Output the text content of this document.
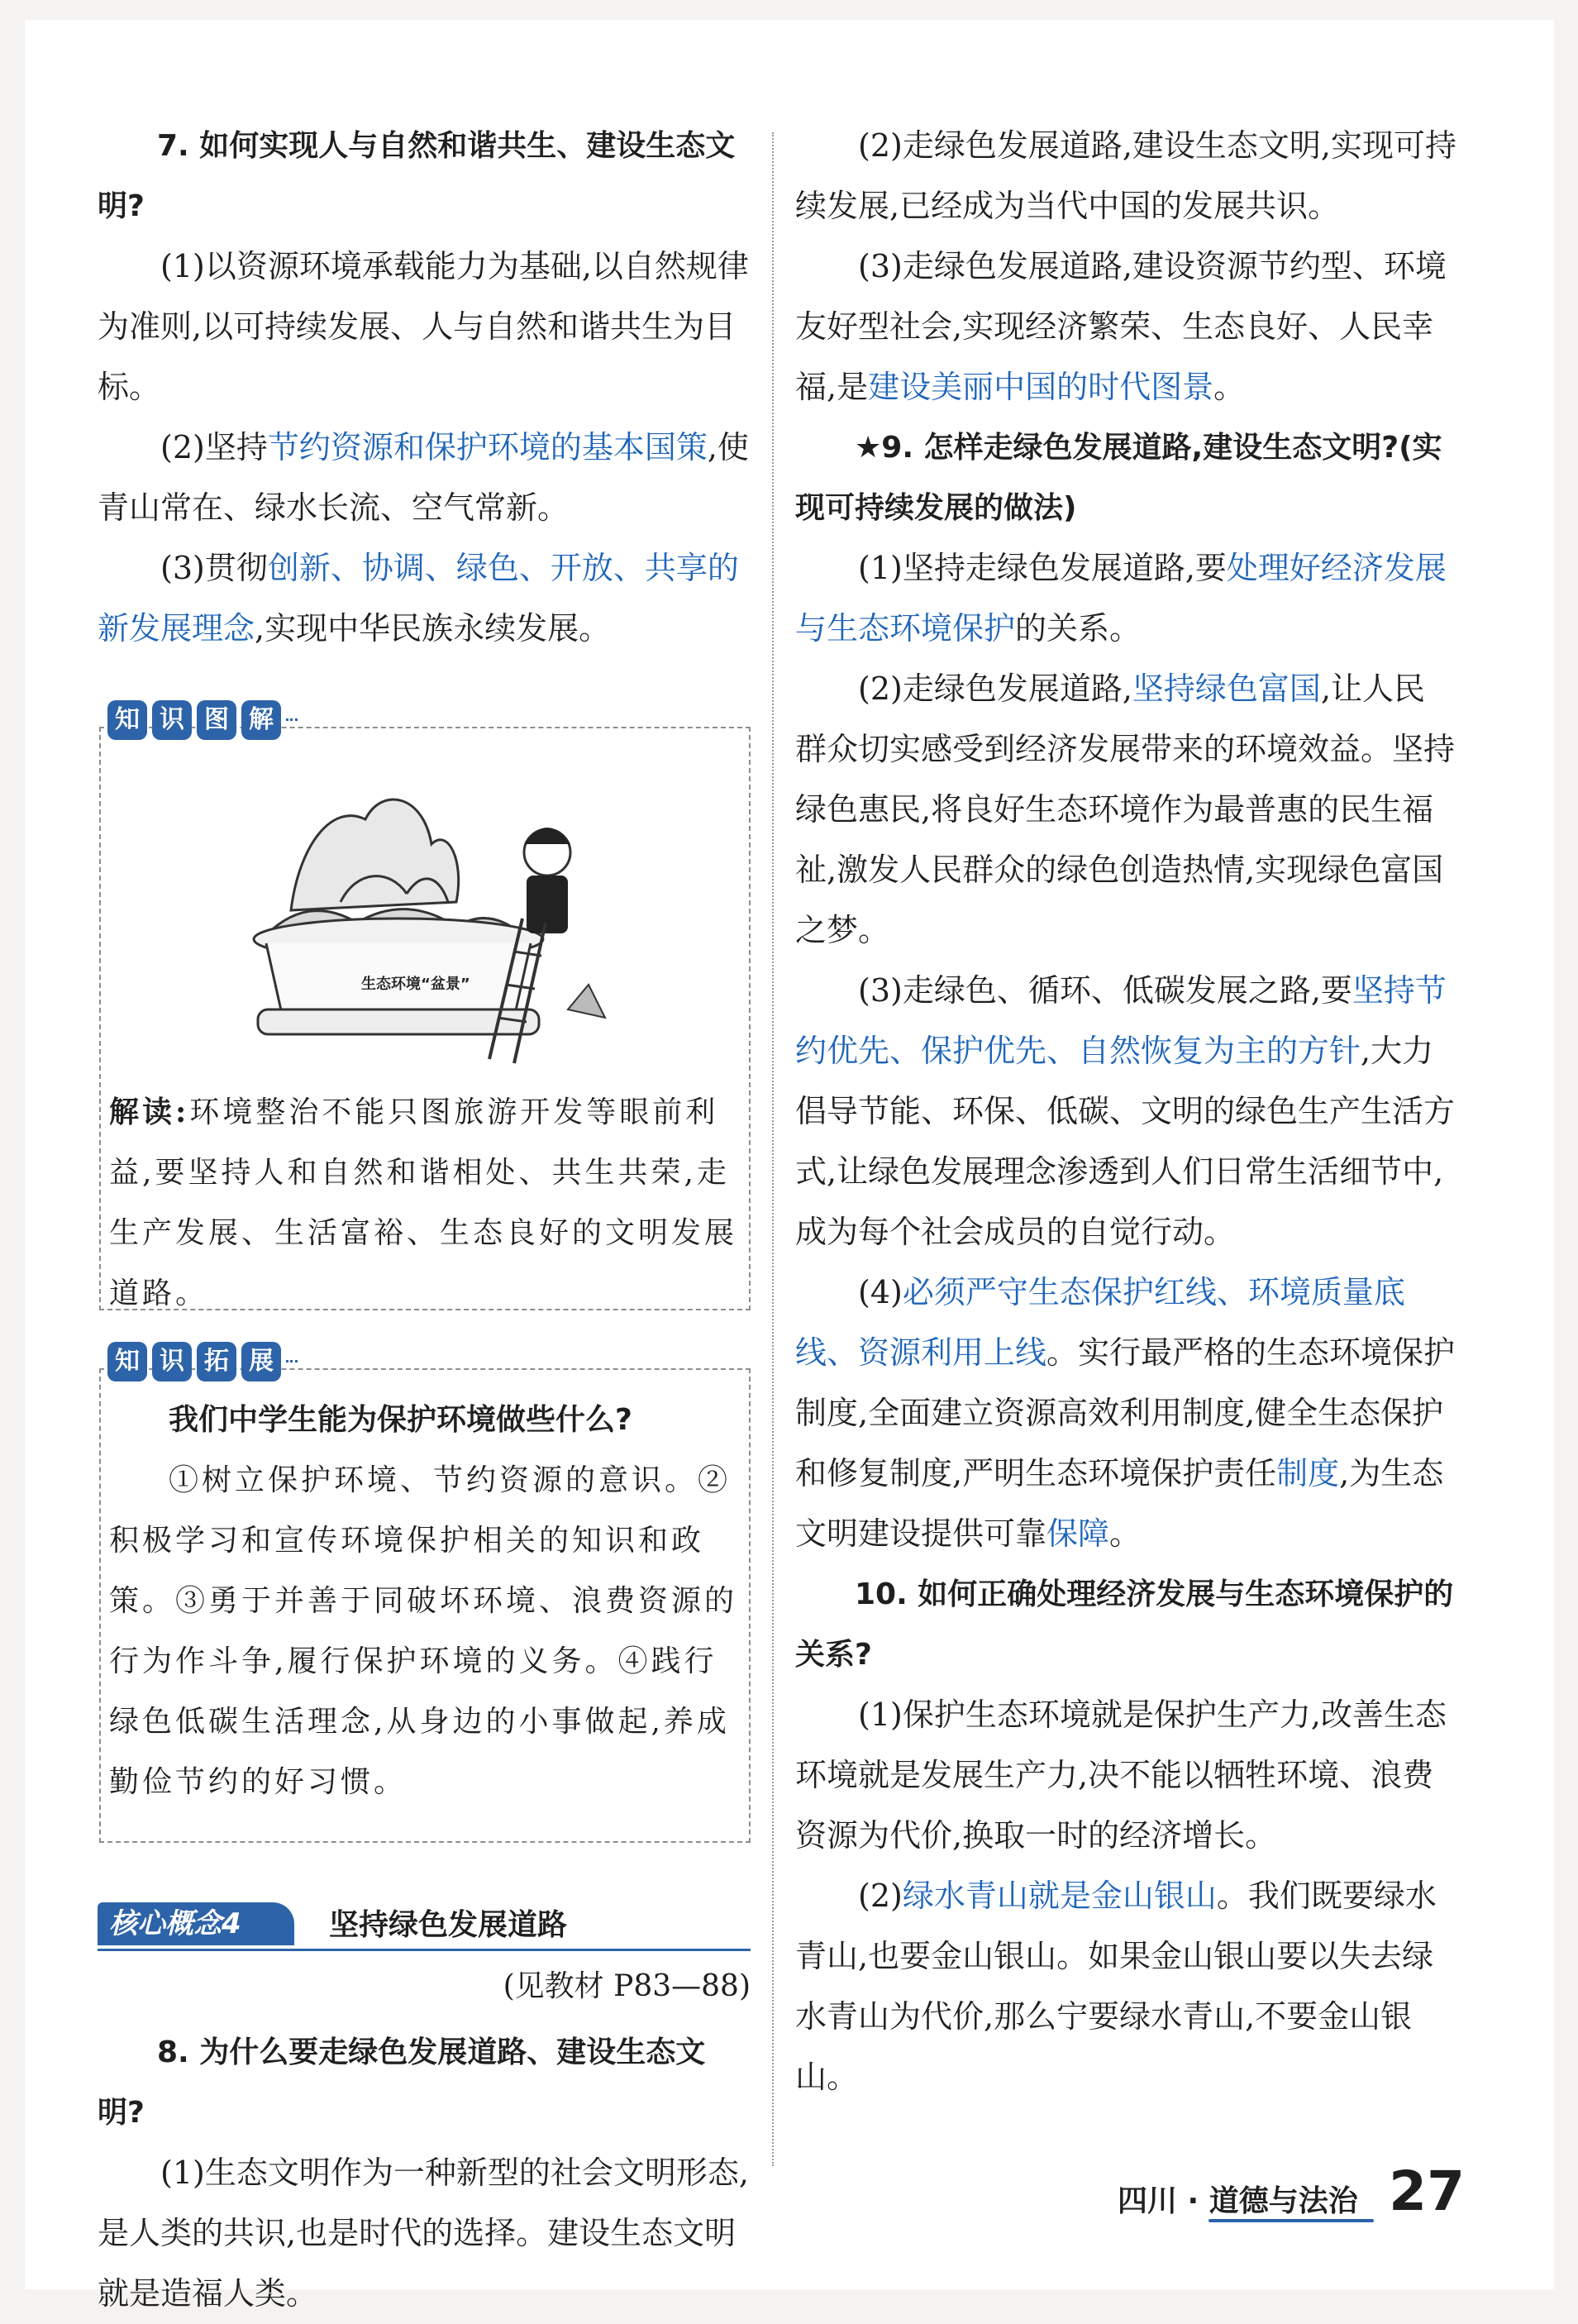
7. 如何实现人与自然和谐共生、建设生态文明?

(1)以资源环境承载能力为基础,以自然规律为准则,以可持续发展、人与自然和谐共生为目标。

(2)坚持节约资源和保护环境的基本国策,使青山常在、绿水长流、空气常新。

(3)贯彻创新、协调、绿色、开放、共享的新发展理念,实现中华民族永续发展。

知 识 图 解
生态环境“盆景”

解读:环境整治不能只图旅游开发等眼前利益,要坚持人和自然和谐相处、共生共荣,走生产发展、生活富裕、生态良好的文明发展道路。

知 识 拓 展

我们中学生能为保护环境做些什么?

①树立保护环境、节约资源的意识。②积极学习和宣传环境保护相关的知识和政策。③勇于并善于同破坏环境、浪费资源的行为作斗争,履行保护环境的义务。④践行绿色低碳生活理念,从身边的小事做起,养成勤俭节约的好习惯。

核心概念4	坚持绿色发展道路

(见教材 P83—88)

8. 为什么要走绿色发展道路、建设生态文明?

(1)生态文明作为一种新型的社会文明形态,是人类的共识,也是时代的选择。建设生态文明就是造福人类。

(2)走绿色发展道路,建设生态文明,实现可持续发展,已经成为当代中国的发展共识。

(3)走绿色发展道路,建设资源节约型、环境友好型社会,实现经济繁荣、生态良好、人民幸福,是建设美丽中国的时代图景。

★9. 怎样走绿色发展道路,建设生态文明?(实现可持续发展的做法)

(1)坚持走绿色发展道路,要处理好经济发展与生态环境保护的关系。

(2)走绿色发展道路,坚持绿色富国,让人民群众切实感受到经济发展带来的环境效益。坚持绿色惠民,将良好生态环境作为最普惠的民生福祉,激发人民群众的绿色创造热情,实现绿色富国之梦。

(3)走绿色、循环、低碳发展之路,要坚持节约优先、保护优先、自然恢复为主的方针,大力倡导节能、环保、低碳、文明的绿色生产生活方式,让绿色发展理念渗透到人们日常生活细节中,成为每个社会成员的自觉行动。

(4)必须严守生态保护红线、环境质量底线、资源利用上线。实行最严格的生态环境保护制度,全面建立资源高效利用制度,健全生态保护和修复制度,严明生态环境保护责任制度,为生态文明建设提供可靠保障。

10. 如何正确处理经济发展与生态环境保护的关系?

(1)保护生态环境就是保护生产力,改善生态环境就是发展生产力,决不能以牺牲环境、浪费资源为代价,换取一时的经济增长。

(2)绿水青山就是金山银山。我们既要绿水青山,也要金山银山。如果金山银山要以失去绿水青山为代价,那么宁要绿水青山,不要金山银山。

四川 · 道德与法治 27
